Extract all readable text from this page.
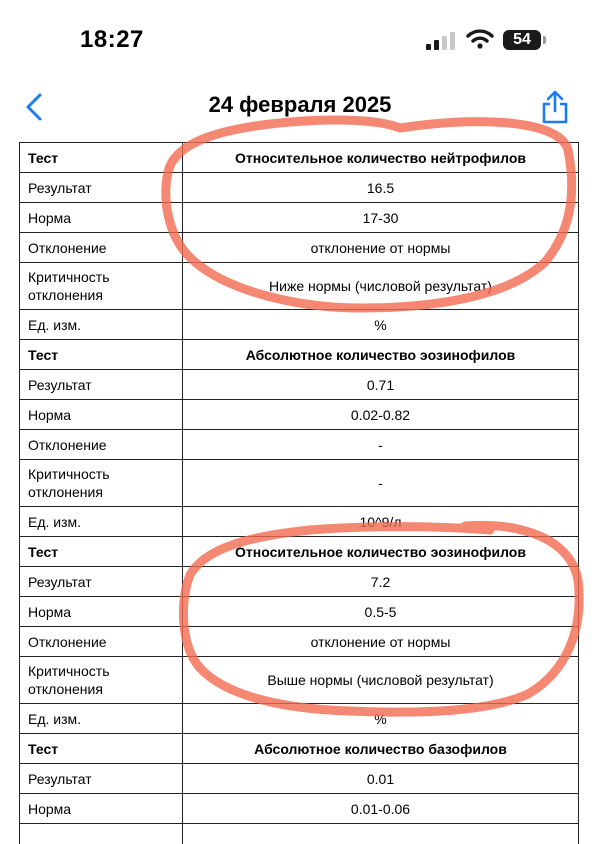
18:27	54
24 февраля 2025
Тест	Относительное количество нейтрофилов
Результат	16.5
Норма	17-30
Отклонение	отклонение от нормы
Критичность отклонения	Ниже нормы (числовой результат)
Ед. изм.	%
Тест	Абсолютное количество эозинофилов
Результат	0.71
Норма	0.02-0.82
Отклонение	-
Критичность отклонения	-
Ед. изм.	10^9/л
Тест	Относительное количество эозинофилов
Результат	7.2
Норма	0.5-5
Отклонение	отклонение от нормы
Критичность отклонения	Выше нормы (числовой результат)
Ед. изм.	%
Тест	Абсолютное количество базофилов
Результат	0.01
Норма	0.01-0.06
